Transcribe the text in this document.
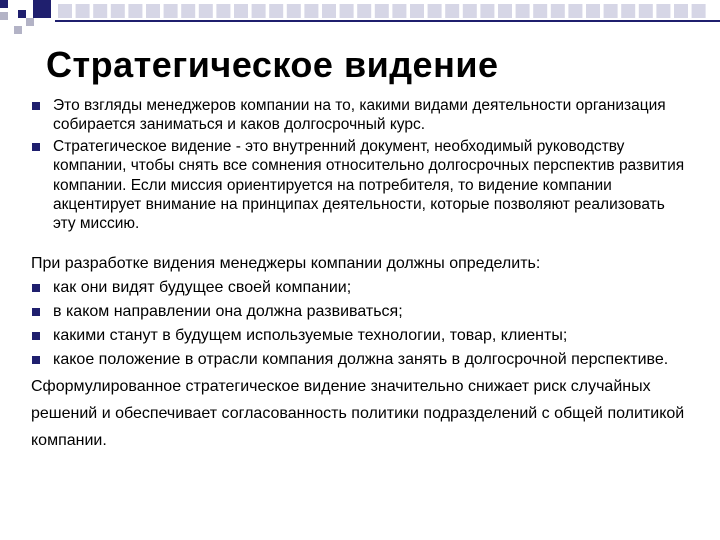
Стратегическое видение
Это взгляды менеджеров компании на то, какими видами деятельности организация собирается заниматься и каков долгосрочный курс.
Стратегическое видение - это внутренний документ, необходимый руководству компании, чтобы снять все сомнения относительно долгосрочных перспектив развития компании. Если миссия ориентируется на потребителя, то видение компании акцентирует внимание на принципах деятельности, которые позволяют реализовать эту миссию.

При разработке видения менеджеры компании должны определить:

как они видят будущее своей компании;
в каком направлении она должна развиваться;
какими станут в будущем используемые технологии, товар, клиенты;
какое положение в отрасли компания должна занять в долгосрочной перспективе.

Сформулированное стратегическое видение значительно снижает риск случайных решений и обеспечивает согласованность политики подразделений с общей политикой компании.
